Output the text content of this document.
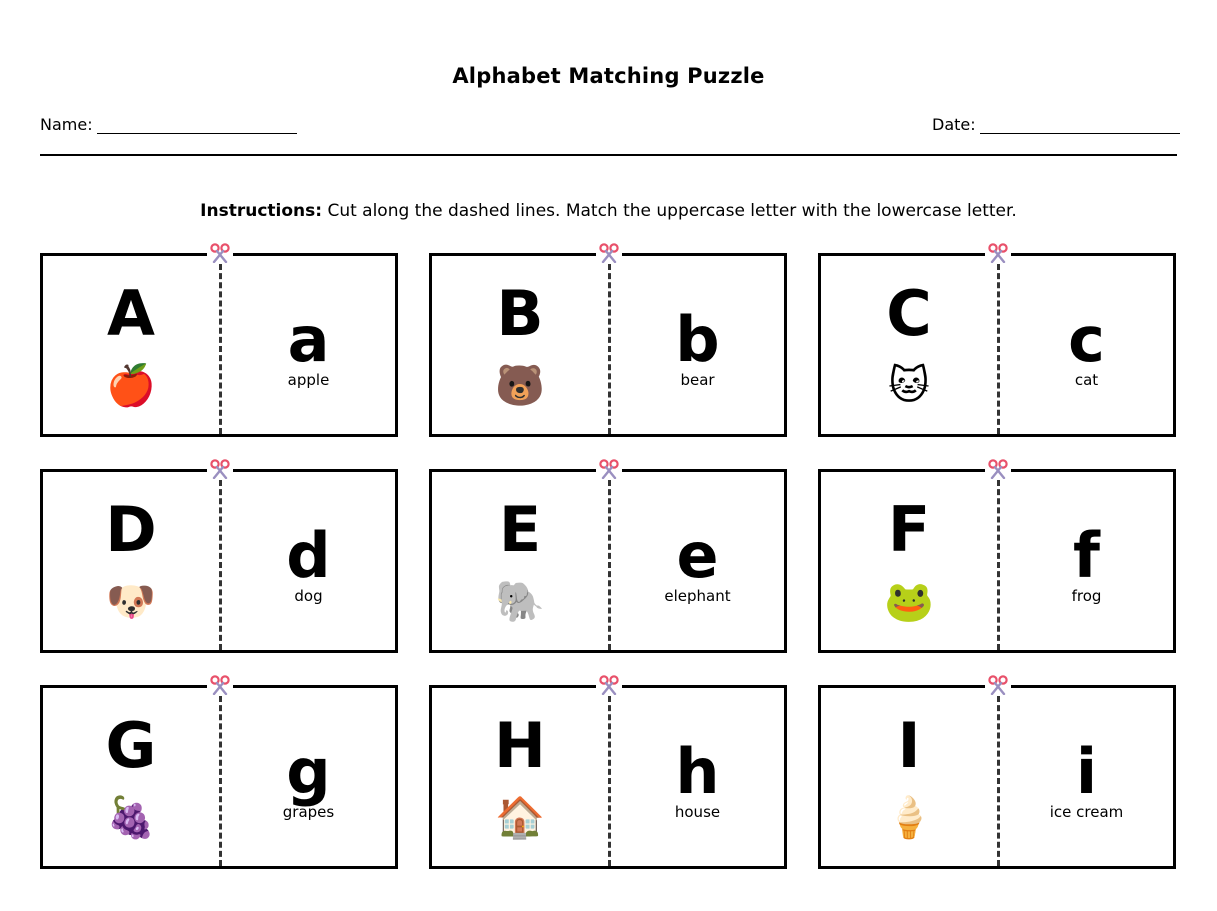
Alphabet Matching Puzzle
Name:	Date:
Instructions: Cut along the dashed lines. Match the uppercase letter with the lowercase letter.
A
🍎
a
apple
B
🐻
b
bear
C
🐱
c
cat
D
🐶
d
dog
E
🐘
e
elephant
F
🐸
f
frog
G
🍇
g
grapes
H
🏠
h
house
I
🍦
i
ice cream
